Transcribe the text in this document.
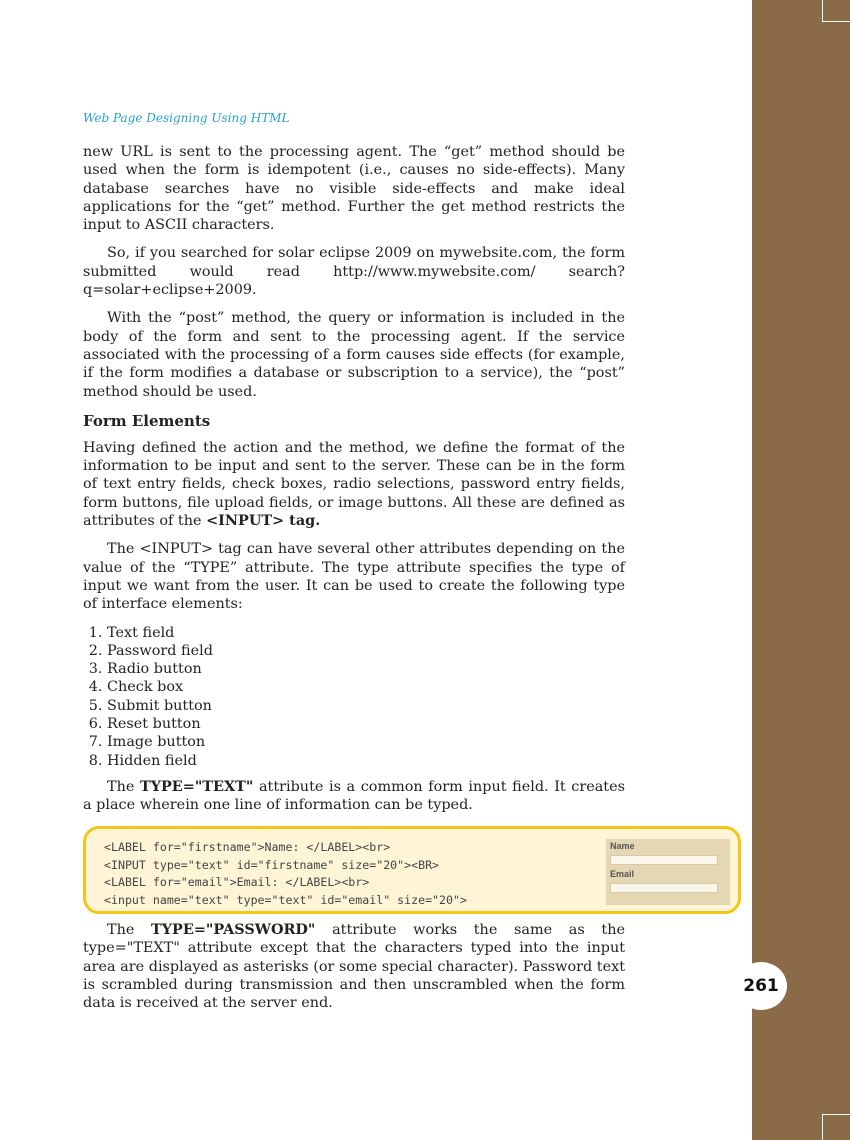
261
Web Page Designing Using HTML

new URL is sent to the processing agent. The “get” method should be used when the form is idempotent (i.e., causes no side-effects). Many database searches have no visible side-effects and make ideal applications for the “get” method. Further the get method restricts the input to ASCII characters.

So, if you searched for solar eclipse 2009 on mywebsite.com, the form submitted would read http://www.mywebsite.com/ search?q=solar+eclipse+2009.

With the “post” method, the query or information is included in the body of the form and sent to the processing agent. If the service associated with the processing of a form causes side effects (for example, if the form modifies a database or subscription to a service), the “post” method should be used.

Form Elements

Having defined the action and the method, we define the format of the information to be input and sent to the server. These can be in the form of text entry fields, check boxes, radio selections, password entry fields, form buttons, file upload fields, or image buttons. All these are defined as attributes of the <INPUT> tag.

The <INPUT> tag can have several other attributes depending on the value of the “TYPE” attribute. The type attribute specifies the type of input we want from the user. It can be used to create the following type of interface elements:

1. Text field
2. Password field
3. Radio button
4. Check box
5. Submit button
6. Reset button
7. Image button
8. Hidden field

The TYPE="TEXT" attribute is a common form input field. It creates a place wherein one line of information can be typed.

<LABEL for="firstname">Name: </LABEL><br>
<INPUT type="text" id="firstname" size="20"><BR>
<LABEL for="email">Email: </LABEL><br>
<input name="text" type="text" id="email" size="20">
Name
Email

The TYPE="PASSWORD" attribute works the same as the type="TEXT" attribute except that the characters typed into the input area are displayed as asterisks (or some special character). Password text is scrambled during transmission and then unscrambled when the form data is received at the server end.
